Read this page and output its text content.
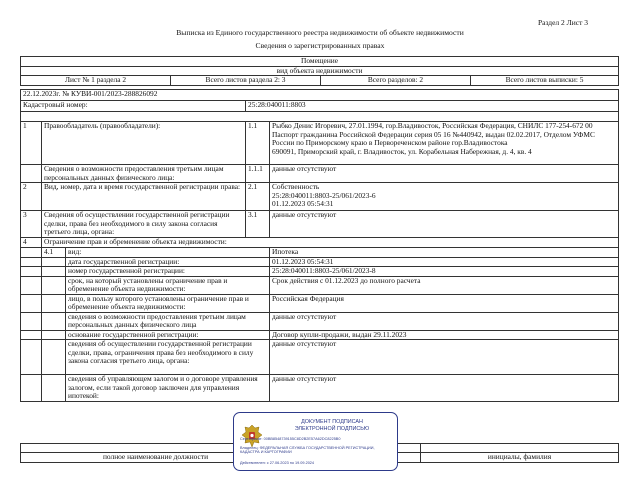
Раздел 2 Лист 3
Выписка из Единого государственного реестра недвижимости об объекте недвижимости
Сведения о зарегистрированных правах
Помещение
вид объекта недвижимости
Лист № 1 раздела 2	Всего листов раздела 2: 3	Всего разделов: 2	Всего листов выписки: 5
22.12.2023г. № КУВИ-001/2023-288826092				
Кадастровый номер:			25:28:040011:8803	

1	Правообладатель (правообладатели):		1.1	Рыбко Денис Игоревич, 27.01.1994, гор.Владивосток, Российская Федерация, СНИЛС 177-254-672 00
Паспорт гражданина Российской Федерации серия 05 16 №440942, выдан 02.02.2017, Отделом УФМС России по Приморскому краю в Первореченском районе гор.Владивостока
690091, Приморский край, г. Владивосток, ул. Корабельная Набережная, д. 4, кв. 4

	Сведения о возможности предоставления третьим лицам персональных данных физического лица:		1.1.1	данные отсутствуют
2	Вид, номер, дата и время государственной регистрации права:		2.1	Собственность
25:28:040011:8803-25/061/2023-6
01.12.2023 05:54:31

3	Сведения об осуществлении государственной регистрации сделки, права без необходимого в силу закона согласия третьего лица, органа:		3.1	данные отсутствуют
4	Ограничение прав и обременение объекта недвижимости:			
	4.1	вид:		Ипотека
		дата государственной регистрации:		01.12.2023 05:54:31
		номер государственной регистрации:		25:28:040011:8803-25/061/2023-8
		срок, на который установлены ограничение прав и обременение объекта недвижимости:		Срок действия с 01.12.2023 до полного расчета
		лицо, в пользу которого установлены ограничение прав и обременение объекта недвижимости:		Российская Федерация
		сведения о возможности предоставления третьим лицам персональных данных физического лица		данные отсутствуют
		основание государственной регистрации:		Договор купли-продажи, выдан 29.11.2023
		сведения об осуществлении государственной регистрации сделки, права, ограничения права без необходимого в силу закона согласия третьего лица, органа:		данные отсутствуют
		сведения об управляющем залогом и о договоре управления залогом, если такой договор заключен для управления ипотекой:		данные отсутствуют

полное наименование должности		инициалы, фамилия
ДОКУМЕНТ ПОДПИСАН
ЭЛЕКТРОННОЙ ПОДПИСЬЮ
Сертификат: 00BB8548739155C8D2B2E57A62DC8225B0
Владелец: ФЕДЕРАЛЬНАЯ СЛУЖБА ГОСУДАРСТВЕННОЙ РЕГИСТРАЦИИ, КАДАСТРА И КАРТОГРАФИИ
Действителен: с 27.06.2023 по 19.09.2024
